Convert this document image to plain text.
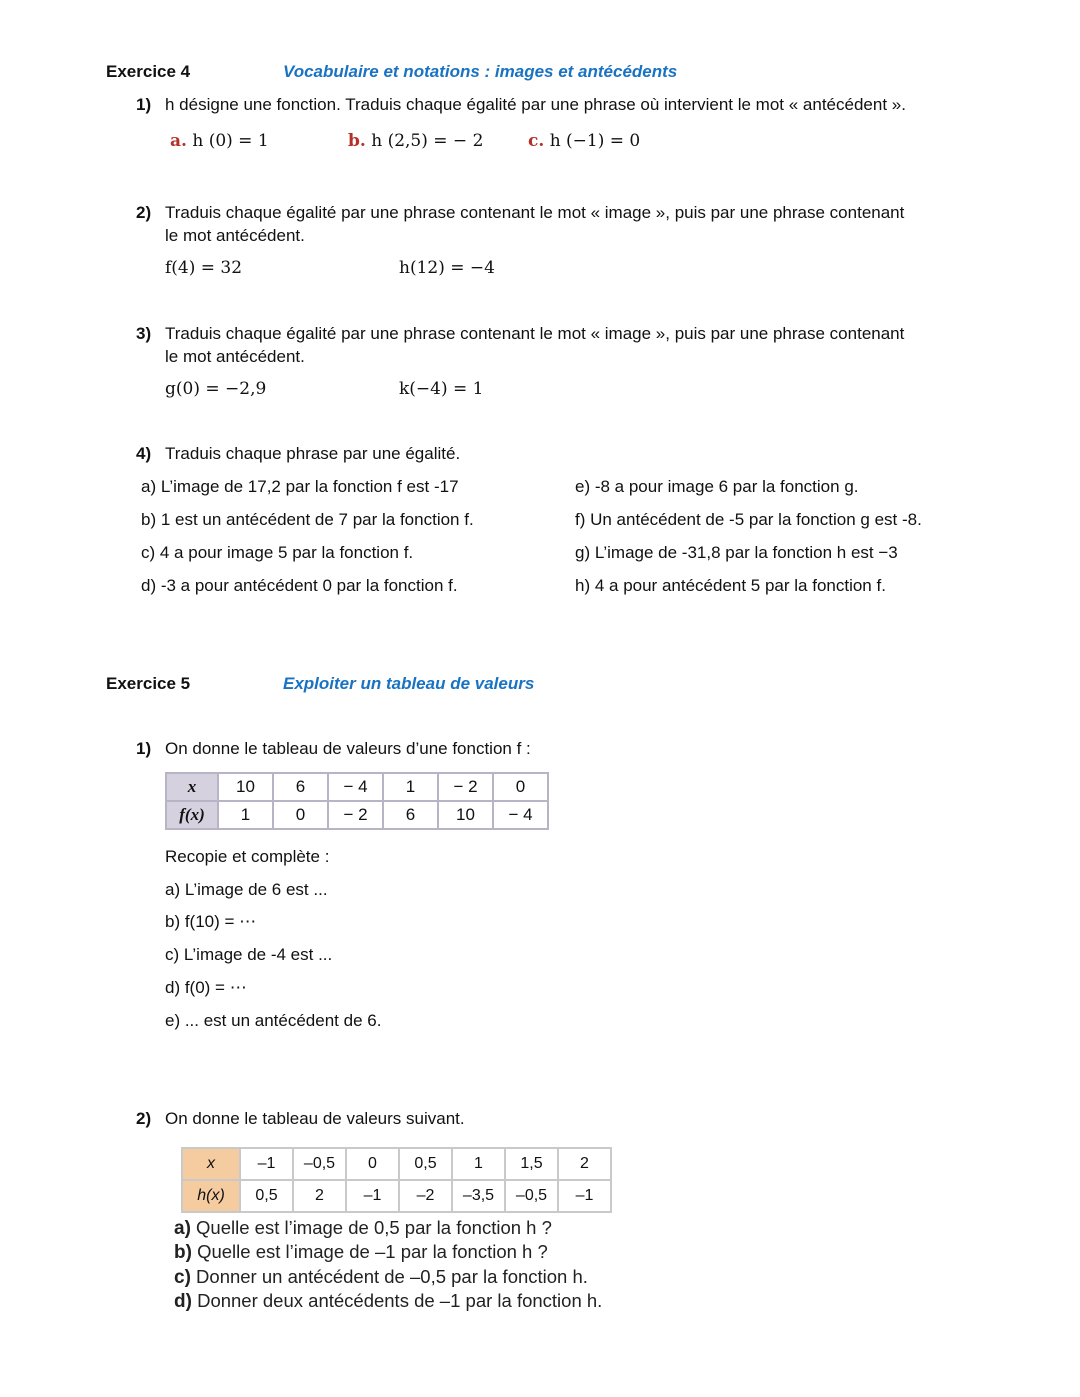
Exercice 4	Vocabulaire et notations : images et antécédents
1) h désigne une fonction. Traduis chaque égalité par une phrase où intervient le mot « antécédent ».
a. h (0) = 1	b. h (2,5) = − 2	c. h (−1) = 0
2) Traduis chaque égalité par une phrase contenant le mot « image », puis par une phrase contenant
le mot antécédent.
f(4) = 32	h(12) = −4
3) Traduis chaque égalité par une phrase contenant le mot « image », puis par une phrase contenant
le mot antécédent.
g(0) = −2,9	k(−4) = 1
4) Traduis chaque phrase par une égalité.
a) L’image de 17,2 par la fonction f est -17
b) 1 est un antécédent de 7 par la fonction f.
c) 4 a pour image 5 par la fonction f.
d) -3 a pour antécédent 0 par la fonction f.
e) -8 a pour image 6 par la fonction g.
f) Un antécédent de -5 par la fonction g est -8.
g) L’image de -31,8 par la fonction h est −3
h) 4 a pour antécédent 5 par la fonction f.
Exercice 5	Exploiter un tableau de valeurs
1) On donne le tableau de valeurs d’une fonction f :
x	10	6	− 4	1	− 2	0
f(x)	1	0	− 2	6	10	− 4
Recopie et complète :
a) L’image de 6 est ...
b) f(10) = ⋯
c) L’image de -4 est ...
d) f(0) = ⋯
e) ... est un antécédent de 6.
2) On donne le tableau de valeurs suivant.
x	–1	–0,5	0	0,5	1	1,5	2
h(x)	0,5	2	–1	–2	–3,5	–0,5	–1
a) Quelle est l’image de 0,5 par la fonction h ?
b) Quelle est l’image de –1 par la fonction h ?
c) Donner un antécédent de –0,5 par la fonction h.
d) Donner deux antécédents de –1 par la fonction h.
